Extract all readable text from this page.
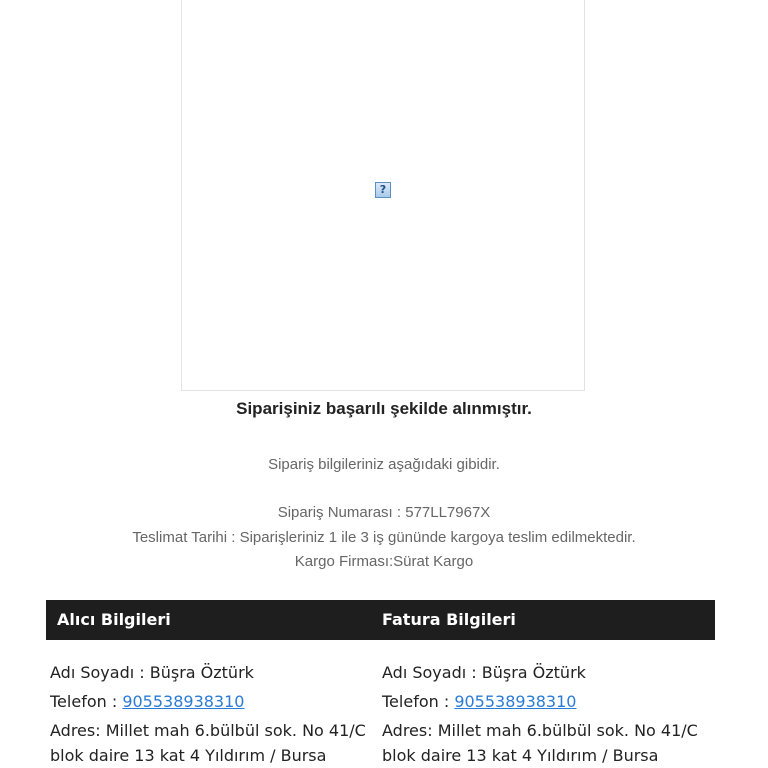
?
Siparişiniz başarılı şekilde alınmıştır.
Sipariş bilgileriniz aşağıdaki gibidir.
Sipariş Numarası : 577LL7967X
Teslimat Tarihi : Siparişleriniz 1 ile 3 iş gününde kargoya teslim edilmektedir.
Kargo Firması:Sürat Kargo
Alıcı Bilgileri	Fatura Bilgileri

Adı Soyadı : Büşra Öztürk

Telefon : 905538938310

Adres: Millet mah 6.bülbül sok. No 41/C blok daire 13 kat 4 Yıldırım / Bursa

Adı Soyadı : Büşra Öztürk

Telefon : 905538938310

Adres: Millet mah 6.bülbül sok. No 41/C blok daire 13 kat 4 Yıldırım / Bursa
